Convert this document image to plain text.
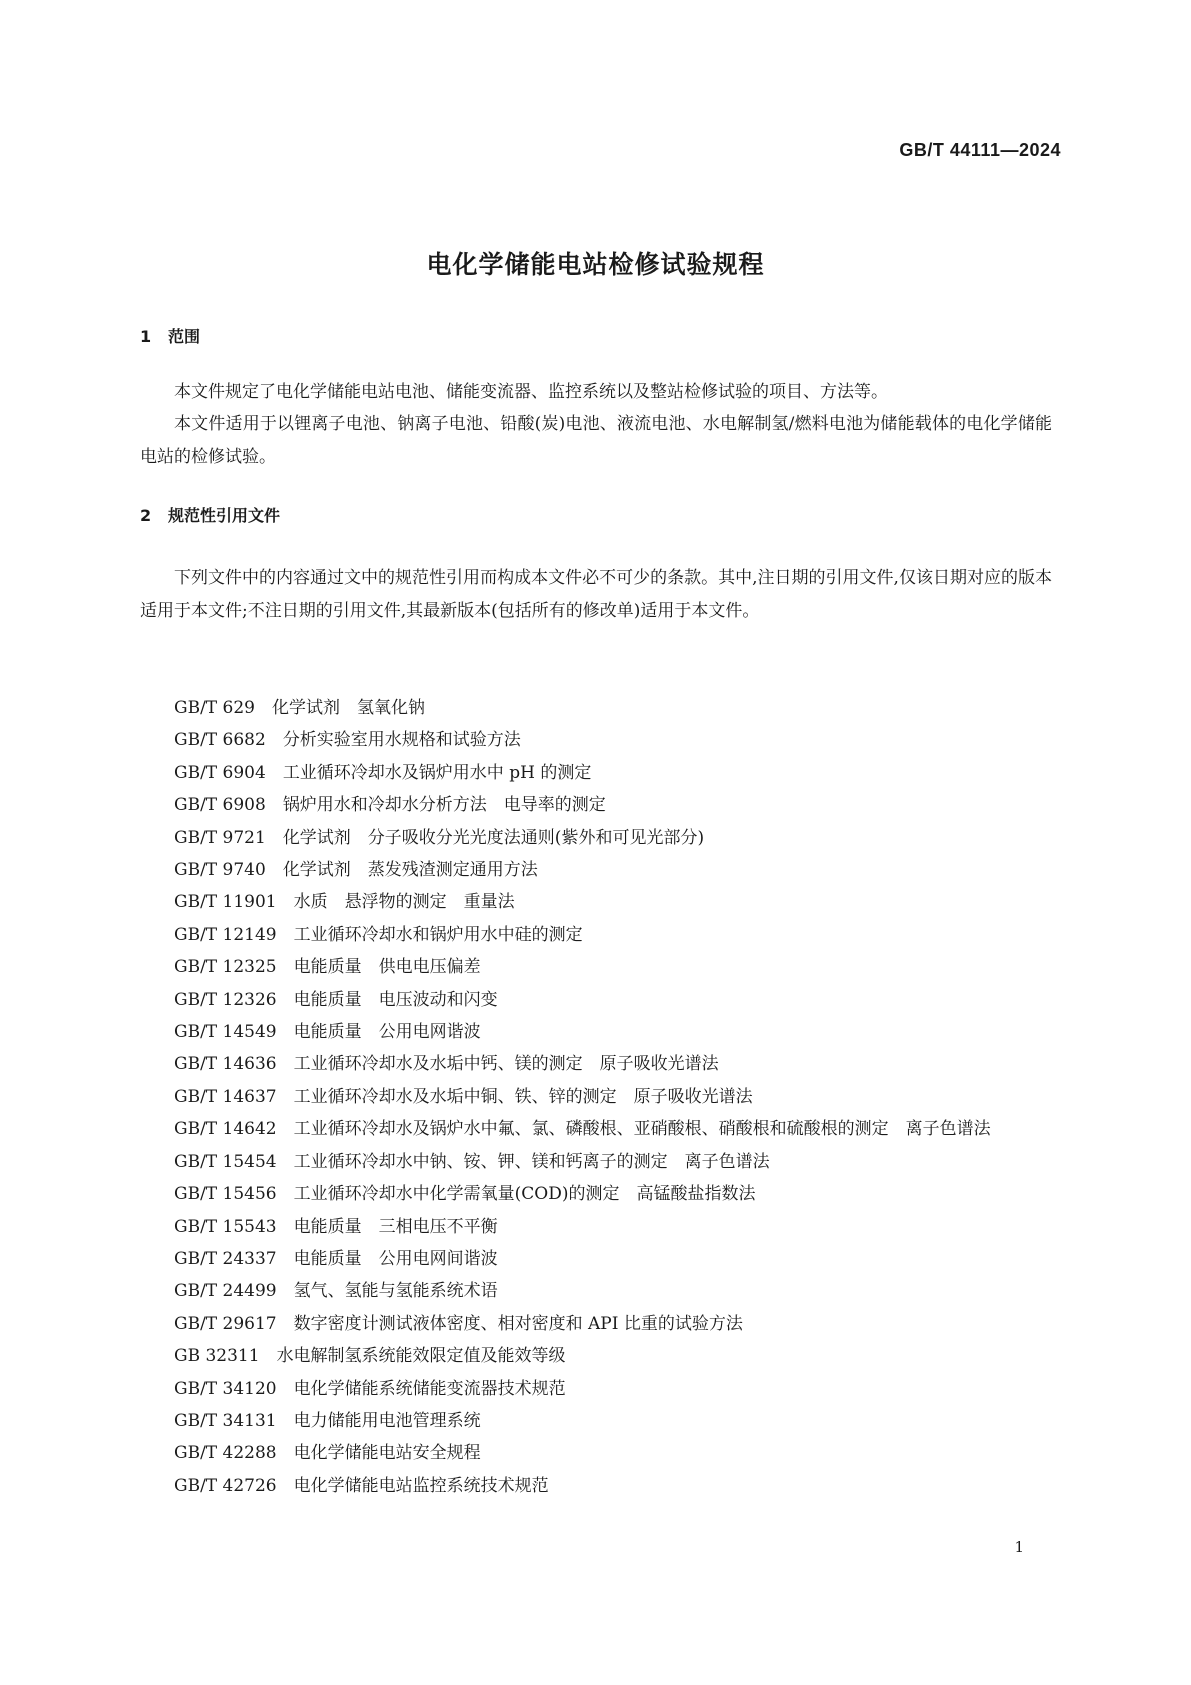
GB/T 44111—2024
电化学储能电站检修试验规程
1 范围
本文件规定了电化学储能电站电池、储能变流器、监控系统以及整站检修试验的项目、方法等。
本文件适用于以锂离子电池、钠离子电池、铅酸(炭)电池、液流电池、水电解制氢/燃料电池为储能载体的电化学储能电站的检修试验。
2 规范性引用文件
下列文件中的内容通过文中的规范性引用而构成本文件必不可少的条款。其中,注日期的引用文件,仅该日期对应的版本适用于本文件;不注日期的引用文件,其最新版本(包括所有的修改单)适用于本文件。
GB/T 629 化学试剂　氢氧化钠
GB/T 6682 分析实验室用水规格和试验方法
GB/T 6904 工业循环冷却水及锅炉用水中 pH 的测定
GB/T 6908 锅炉用水和冷却水分析方法　电导率的测定
GB/T 9721 化学试剂　分子吸收分光光度法通则(紫外和可见光部分)
GB/T 9740 化学试剂　蒸发残渣测定通用方法
GB/T 11901 水质　悬浮物的测定　重量法
GB/T 12149 工业循环冷却水和锅炉用水中硅的测定
GB/T 12325 电能质量　供电电压偏差
GB/T 12326 电能质量　电压波动和闪变
GB/T 14549 电能质量　公用电网谐波
GB/T 14636 工业循环冷却水及水垢中钙、镁的测定　原子吸收光谱法
GB/T 14637 工业循环冷却水及水垢中铜、铁、锌的测定　原子吸收光谱法
GB/T 14642 工业循环冷却水及锅炉水中氟、氯、磷酸根、亚硝酸根、硝酸根和硫酸根的测定　离子色谱法
GB/T 15454 工业循环冷却水中钠、铵、钾、镁和钙离子的测定　离子色谱法
GB/T 15456 工业循环冷却水中化学需氧量(COD)的测定　高锰酸盐指数法
GB/T 15543 电能质量　三相电压不平衡
GB/T 24337 电能质量　公用电网间谐波
GB/T 24499 氢气、氢能与氢能系统术语
GB/T 29617 数字密度计测试液体密度、相对密度和 API 比重的试验方法
GB 32311 水电解制氢系统能效限定值及能效等级
GB/T 34120 电化学储能系统储能变流器技术规范
GB/T 34131 电力储能用电池管理系统
GB/T 42288 电化学储能电站安全规程
GB/T 42726 电化学储能电站监控系统技术规范
1
